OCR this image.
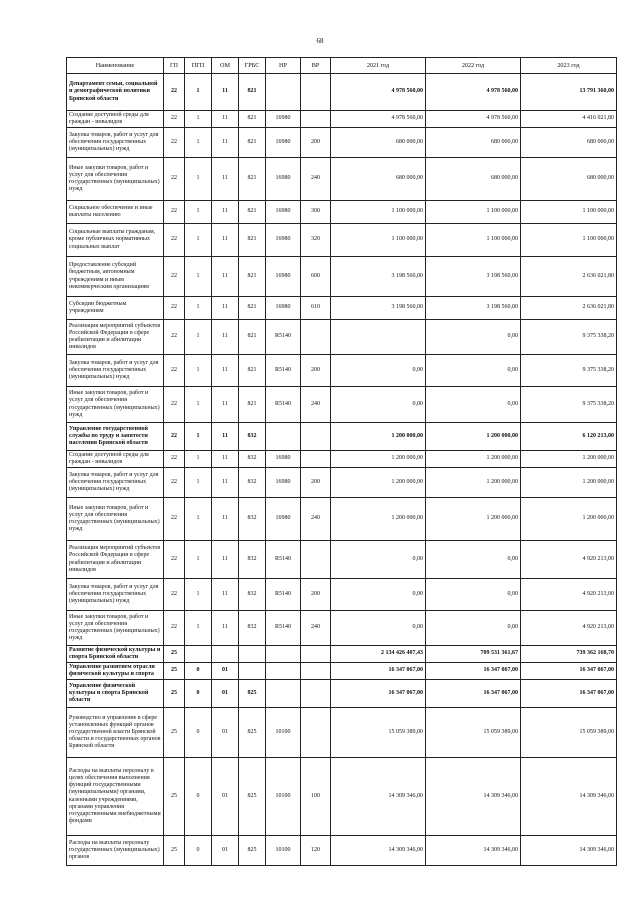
68
Наименование	ГП	ПГП	ОМ	ГРБС	НР	ВР	2021 год	2022 год	2023 год
Департамент семьи, социальной и демографической политики Брянской области	22	1	11	821			4 978 560,00	4 978 560,00	13 791 360,00
Создание доступной среды для граждан - инвалидов	22	1	11	821	16980		4 978 560,00	4 978 560,00	4 416 021,80
Закупка товаров, работ и услуг для обеспечения государственных (муниципальных) нужд	22	1	11	821	16980	200	680 000,00	680 000,00	680 000,00
Иные закупки товаров, работ и услуг для обеспечения государственных (муниципальных) нужд	22	1	11	821	16980	240	680 000,00	680 000,00	680 000,00
Социальное обеспечение и иные выплаты населению	22	1	11	821	16980	300	1 100 000,00	1 100 000,00	1 100 000,00
Социальные выплаты гражданам, кроме публичных нормативных социальных выплат	22	1	11	821	16980	320	1 100 000,00	1 100 000,00	1 100 000,00
Предоставление субсидий бюджетным, автономным учреждениям и иным некоммерческим организациям	22	1	11	821	16980	600	3 198 560,00	3 198 560,00	2 636 021,80
Субсидии бюджетным учреждениям	22	1	11	821	16980	610	3 198 560,00	3 198 560,00	2 636 021,80
Реализация мероприятий субъектов Российской Федерации в сфере реабилитации и абилитации инвалидов	22	1	11	821	R5140			0,00	9 375 338,20
Закупка товаров, работ и услуг для обеспечения государственных (муниципальных) нужд	22	1	11	821	R5140	200	0,00	0,00	9 375 338,20
Иные закупки товаров, работ и услуг для обеспечения государственных (муниципальных) нужд	22	1	11	821	R5140	240	0,00	0,00	9 375 338,20
Управление государственной службы по труду и занятости населения Брянской области	22	1	11	832			1 200 000,00	1 200 000,00	6 120 213,00
Создание доступной среды для граждан - инвалидов	22	1	11	832	16980		1 200 000,00	1 200 000,00	1 200 000,00
Закупка товаров, работ и услуг для обеспечения государственных (муниципальных) нужд	22	1	11	832	16980	200	1 200 000,00	1 200 000,00	1 200 000,00
Иные закупки товаров, работ и услуг для обеспечения государственных (муниципальных) нужд	22	1	11	832	16980	240	1 200 000,00	1 200 000,00	1 200 000,00
Реализация мероприятий субъектов Российской Федерации в сфере реабилитации и абилитации инвалидов	22	1	11	832	R5140		0,00	0,00	4 920 213,00
Закупка товаров, работ и услуг для обеспечения государственных (муниципальных) нужд	22	1	11	832	R5140	200	0,00	0,00	4 920 213,00
Иные закупки товаров, работ и услуг для обеспечения государственных (муниципальных) нужд	22	1	11	832	R5140	240	0,00	0,00	4 920 213,00
Развитие физической культуры и спорта Брянской области	25						2 134 426 407,43	709 531 361,67	739 362 168,70
Управление развитием отрасли физической культуры и спорта	25	0	01				16 347 067,00	16 347 067,00	16 347 067,00
Управление физической культуры и спорта Брянской области	25	0	01	825			16 347 067,00	16 347 067,00	16 347 067,00
Руководство и управление в сфере установленных функций органов государственной власти Брянской области и государственных органов Брянской области	25	0	01	825	10100		15 059 389,00	15 059 389,00	15 059 389,00
Расходы на выплаты персоналу в целях обеспечения выполнения функций государственными (муниципальными) органами, казенными учреждениями, органами управления государственными внебюджетными фондами	25	0	01	825	10100	100	14 309 346,00	14 309 346,00	14 309 346,00
Расходы на выплаты персоналу государственных (муниципальных) органов	25	0	01	825	10100	120	14 309 346,00	14 309 346,00	14 309 346,00
